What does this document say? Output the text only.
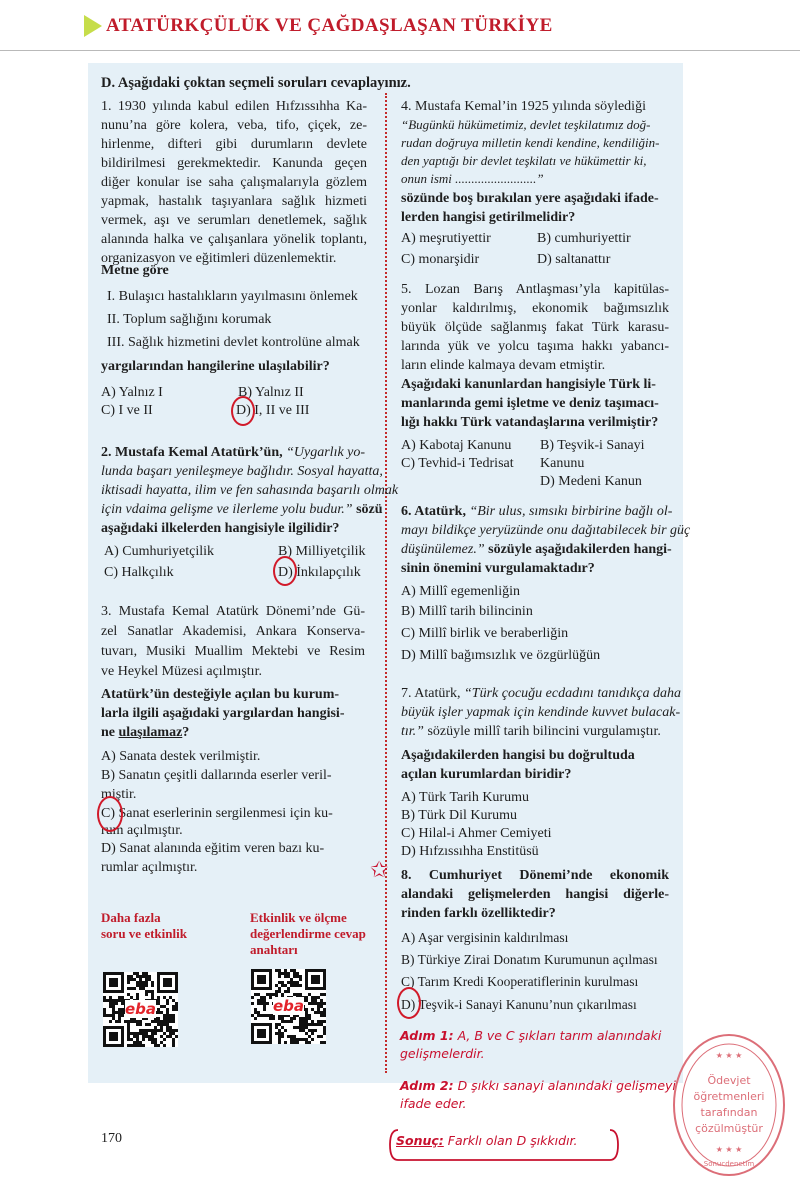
ATATÜRKÇÜLÜK VE ÇAĞDAŞLAŞAN TÜRKİYE
D. Aşağıdaki çoktan seçmeli soruları cevaplayınız.
1. 1930 yılında kabul edilen Hıfzıssıhha Ka-
nunu’na göre kolera, veba, tifo, çiçek, ze-
hirlenme, difteri gibi durumların devlete
bildirilmesi gerekmektedir. Kanunda geçen
diğer konular ise saha çalışmalarıyla gözlem
yapmak, hastalık taşıyanlara sağlık hizmeti
vermek, aşı ve serumları denetlemek, sağlık
alanında halka ve çalışanlara yönelik toplantı,
organizasyon ve eğitimleri düzenlemektir.
Metne göre
I. Bulaşıcı hastalıkların yayılmasını önlemek
II. Toplum sağlığını korumak
III. Sağlık hizmetini devlet kontrolüne almak
yargılarından hangilerine ulaşılabilir?
A) Yalnız I	B) Yalnız II
C) I ve II	D) I, II ve III
2. Mustafa Kemal Atatürk’ün, “Uygarlık yo-
lunda başarı yenileşmeye bağlıdır. Sosyal hayatta,
iktisadi hayatta, ilim ve fen sahasında başarılı olmak
için vdaima gelişme ve ilerleme yolu budur.” sözü
aşağıdaki ilkelerden hangisiyle ilgilidir?
A) Cumhuriyetçilik	B) Milliyetçilik
C) Halkçılık	D) İnkılapçılık
3. Mustafa Kemal Atatürk Dönemi’nde Gü-
zel Sanatlar Akademisi, Ankara Konserva-
tuvarı, Musiki Muallim Mektebi ve Resim
ve Heykel Müzesi açılmıştır.
Atatürk’ün desteğiyle açılan bu kurum-
larla ilgili aşağıdaki yargılardan hangisi-
ne ulaşılamaz?
A) Sanata destek verilmiştir.
B) Sanatın çeşitli dallarında eserler veril-
miştir.
C) Sanat eserlerinin sergilenmesi için ku-
rum açılmıştır.
D) Sanat alanında eğitim veren bazı ku-
rumlar açılmıştır.
4. Mustafa Kemal’in 1925 yılında söylediği
“Bugünkü hükümetimiz, devlet teşkilatımız doğ-
rudan doğruya milletin kendi kendine, kendiliğin-
den yaptığı bir devlet teşkilatı ve hükümettir ki,
onun ismi .........................”
sözünde boş bırakılan yere aşağıdaki ifade-
lerden hangisi getirilmelidir?
A) meşrutiyettir	B) cumhuriyettir
C) monarşidir	D) saltanattır
5. Lozan Barış Antlaşması’yla kapitülas-
yonlar kaldırılmış, ekonomik bağımsızlık
büyük ölçüde sağlanmış fakat Türk karasu-
larında yük ve yolcu taşıma hakkı yabancı-
ların elinde kalmaya devam etmiştir.
Aşağıdaki kanunlardan hangisiyle Türk li-
manlarında gemi işletme ve deniz taşımacı-
lığı hakkı Türk vatandaşlarına verilmiştir?
A) Kabotaj Kanunu B) Teşvik-i Sanayi
Kanunu
C) Tevhid-i Tedrisat
D) Medeni Kanun
6. Atatürk, “Bir ulus, sımsıkı birbirine bağlı ol-
mayı bildikçe yeryüzünde onu dağıtabilecek bir güç
düşünülemez.” sözüyle aşağıdakilerden hangi-
sinin önemini vurgulamaktadır?
A) Millî egemenliğin
B) Millî tarih bilincinin
C) Millî birlik ve beraberliğin
D) Millî bağımsızlık ve özgürlüğün
7. Atatürk, “Türk çocuğu ecdadını tanıdıkça daha
büyük işler yapmak için kendinde kuvvet bulacak-
tır.” sözüyle millî tarih bilincini vurgulamıştır.
Aşağıdakilerden hangisi bu doğrultuda
açılan kurumlardan biridir?
A) Türk Tarih Kurumu
B) Türk Dil Kurumu
C) Hilal-i Ahmer Cemiyeti
D) Hıfzıssıhha Enstitüsü
8. Cumhuriyet Dönemi’nde ekonomik
alandaki gelişmelerden hangisi diğerle-
rinden farklı özelliktedir?
A) Aşar vergisinin kaldırılması
B) Türkiye Zirai Donatım Kurumunun açılması
C) Tarım Kredi Kooperatiflerinin kurulması
D) Teşvik-i Sanayi Kanunu’nun çıkarılması
Daha fazla
soru ve etkinlik
Etkinlik ve ölçme
değerlendirme cevap
anahtarı
eba	eba
✩
Adım 1: A, B ve C şıkları tarım alanındaki
gelişmelerdir.
Adım 2: D şıkkı sanayi alanındaki gelişmeyi
ifade eder.
Sonuç: Farklı olan D şıkkıdır.
★ ★ ★
Ödevjet
öğretmenleri
tarafından
çözülmüştür
★ ★ ★
Sonucdenetim
170
